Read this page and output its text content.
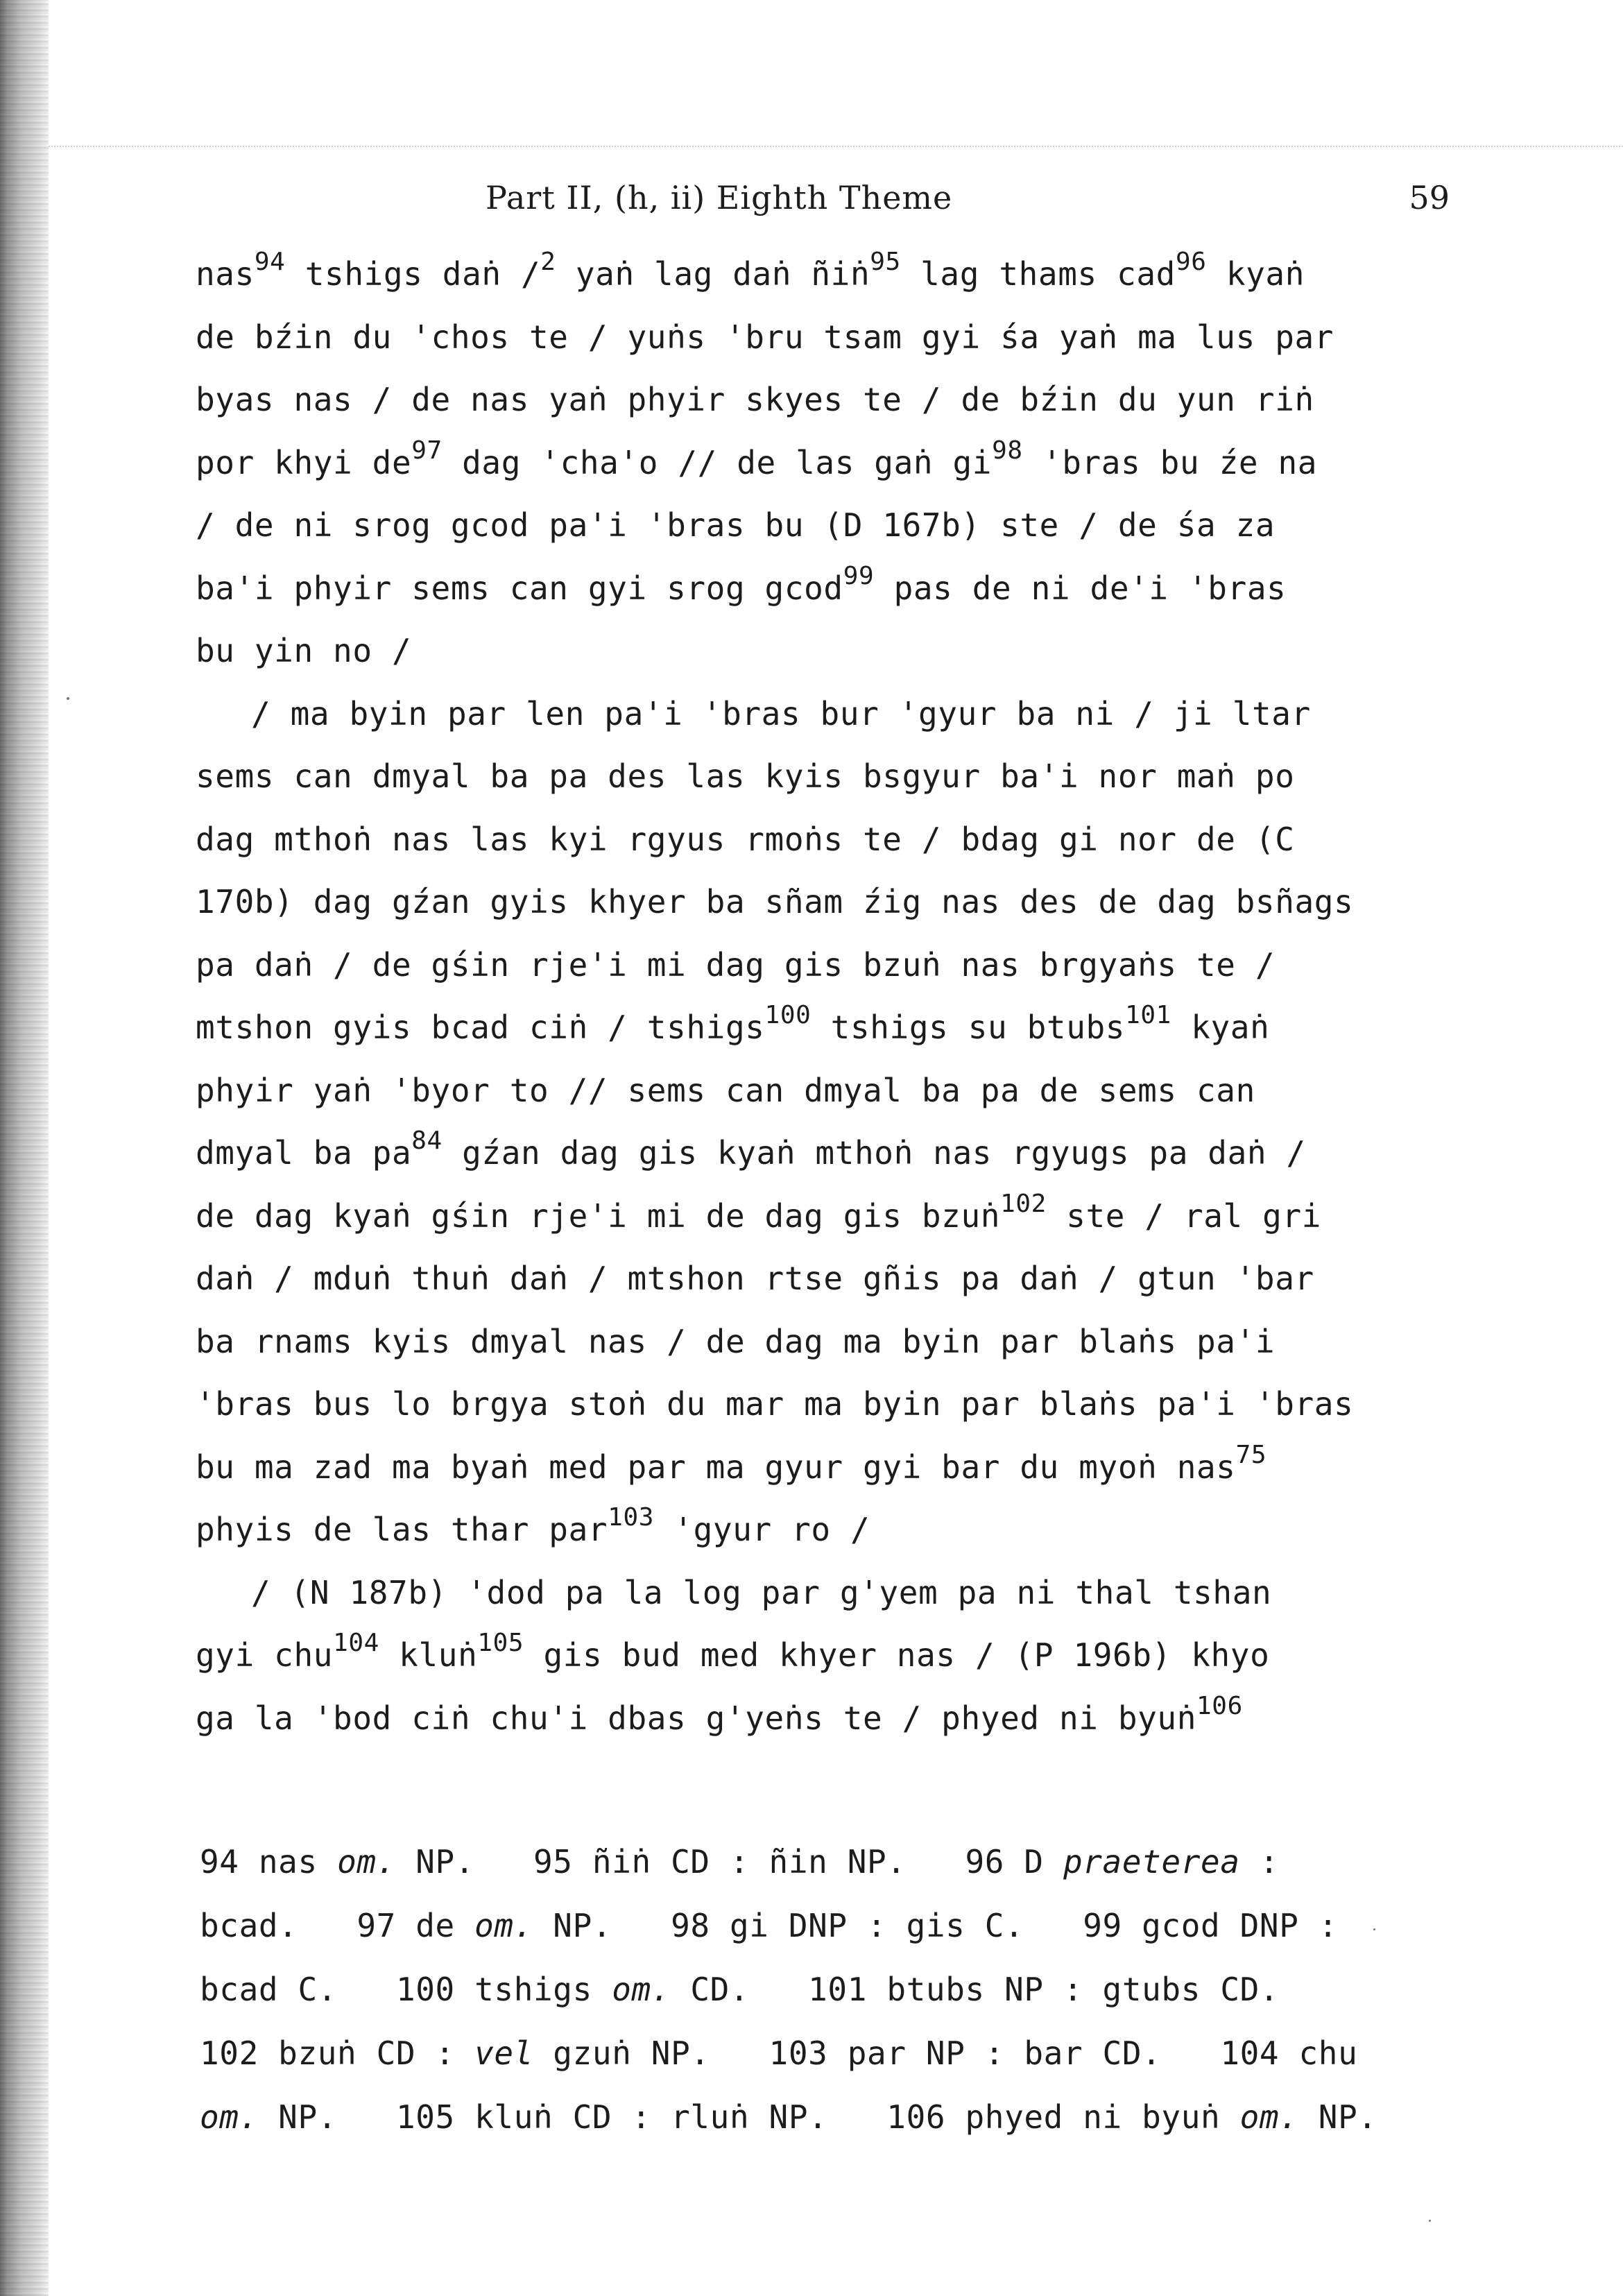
Part II, (h, ii) Eighth Theme	59
nas$^{94}$ tshigs daṅ /$^2$ yaṅ lag daṅ ñiṅ$^{95}$ lag thams cad$^{96}$ kyaṅ
de bźin du 'chos te / yuṅs 'bru tsam gyi śa yaṅ ma lus par
byas nas / de nas yaṅ phyir skyes te / de bźin du yun riṅ
por khyi $de^{97}$ dag 'cha'o // de las gaṅ $gi^{98}$ 'bras bu źe na
/ de ni srog gcod pa'i 'bras bu (D 167b) ste / de śa za
ba'i phyir sems can gyi srog gcod$^{99}$ pas de ni de'i 'bras
bu yin no /
/ ma byin par len pa'i 'bras bur 'gyur ba ni / ji ltar
sems can dmyal ba pa des las kyis bsgyur ba'i nor maṅ po
dag mthoṅ nas las kyi rgyus rmoṅs te / bdag gi nor de (C
170b) dag gźan gyis khyer ba sñam źig nas des de dag bsñags
pa daṅ / de gśin rje'i mi dag gis bzuṅ nas brgyaṅs te /
mtshon gyis bcad ciṅ / tshigs$^{100}$ tshigs su btubs$^{101}$ kyaṅ
phyir yaṅ 'byor to // sems can dmyal ba pa de sems can
dmyal ba $pa^{84}$ gźan dag gis kyaṅ mthoṅ nas rgyugs pa daṅ /
de dag kyaṅ gśin rje'i mi de dag gis bzuṅ$^{102}$ ste / ral gri
daṅ / mduṅ thuṅ daṅ / mtshon rtse gñis pa daṅ / gtun 'bar
ba rnams kyis dmyal nas / de dag ma byin par blaṅs pa'i
'bras bus lo brgya stoṅ du mar ma byin par blaṅs pa'i 'bras
bu ma zad ma byaṅ med par ma gyur gyi bar du myoṅ nas$^{75}$
phyis de las thar par$^{103}$ 'gyur ro /
/ (N 187b) 'dod pa la log par g'yem pa ni thal tshan
gyi chu$^{104}$ kluṅ$^{105}$ gis bud med khyer nas / (P 196b) khyo
ga la 'bod ciṅ chu'i dbas g'yeṅs te / phyed ni byuṅ$^{106}$
94 nas om. NP.   95 ñiṅ CD : ñin NP.   96 D praeterea :
bcad.   97 de om. NP.   98 gi DNP : gis C.   99 gcod DNP :
bcad C.   100 tshigs om. CD.   101 btubs NP : gtubs CD.
102 bzuṅ CD : vel gzuṅ NP.   103 par NP : bar CD.   104 chu
om. NP.   105 kluṅ CD : rluṅ NP.   106 phyed ni byuṅ om. NP.
